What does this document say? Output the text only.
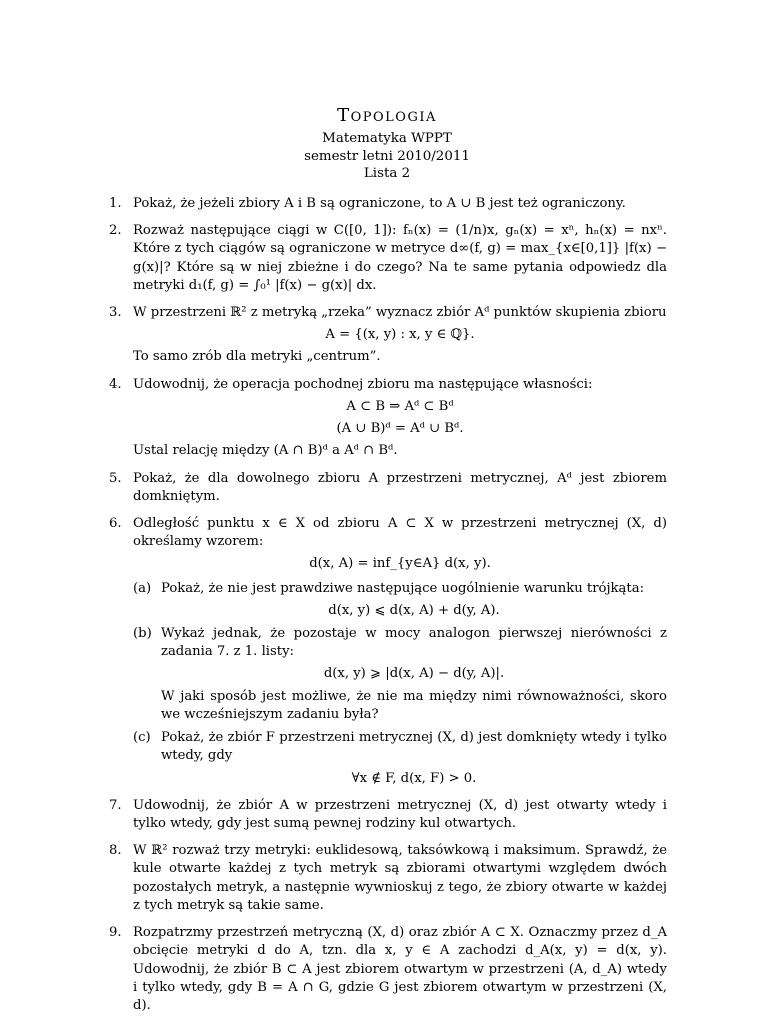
Topologia
Matematyka WPPT
semestr letni 2010/2011
Lista 2
1. Pokaż, że jeżeli zbiory A i B są ograniczone, to A ∪ B jest też ograniczony.
2. Rozważ następujące ciągi w C([0, 1]): fₙ(x) = (1/n)x, gₙ(x) = xⁿ, hₙ(x) = nxⁿ. Które z tych ciągów są ograniczone w metryce d∞(f, g) = max_{x∈[0,1]} |f(x) − g(x)|? Które są w niej zbieżne i do czego? Na te same pytania odpowiedz dla metryki d₁(f, g) = ∫₀¹ |f(x) − g(x)| dx.
3. W przestrzeni ℝ² z metryką „rzeka” wyznacz zbiór Aᵈ punktów skupienia zbioru
A = {(x, y) : x, y ∈ ℚ}.
To samo zrób dla metryki „centrum”.
4. Udowodnij, że operacja pochodnej zbioru ma następujące własności:
A ⊂ B ⇒ Aᵈ ⊂ Bᵈ
(A ∪ B)ᵈ = Aᵈ ∪ Bᵈ.
Ustal relację między (A ∩ B)ᵈ a Aᵈ ∩ Bᵈ.
5. Pokaż, że dla dowolnego zbioru A przestrzeni metrycznej, Aᵈ jest zbiorem domkniętym.
6. Odległość punktu x ∈ X od zbioru A ⊂ X w przestrzeni metrycznej (X, d) określamy wzorem:
d(x, A) = inf_{y∈A} d(x, y).
(a) Pokaż, że nie jest prawdziwe następujące uogólnienie warunku trójkąta:
d(x, y) ⩽ d(x, A) + d(y, A).
(b) Wykaż jednak, że pozostaje w mocy analogon pierwszej nierówności z zadania 7. z 1. listy:
d(x, y) ⩾ |d(x, A) − d(y, A)|.
W jaki sposób jest możliwe, że nie ma między nimi równoważności, skoro we wcześniejszym zadaniu była?
(c) Pokaż, że zbiór F przestrzeni metrycznej (X, d) jest domknięty wtedy i tylko wtedy, gdy
∀x ∉ F, d(x, F) > 0.
7. Udowodnij, że zbiór A w przestrzeni metrycznej (X, d) jest otwarty wtedy i tylko wtedy, gdy jest sumą pewnej rodziny kul otwartych.
8. W ℝ² rozważ trzy metryki: euklidesową, taksówkową i maksimum. Sprawdź, że kule otwarte każdej z tych metryk są zbiorami otwartymi względem dwóch pozostałych metryk, a następnie wywnioskuj z tego, że zbiory otwarte w każdej z tych metryk są takie same.
9. Rozpatrzmy przestrzeń metryczną (X, d) oraz zbiór A ⊂ X. Oznaczmy przez d_A obcięcie metryki d do A, tzn. dla x, y ∈ A zachodzi d_A(x, y) = d(x, y). Udowodnij, że zbiór B ⊂ A jest zbiorem otwartym w przestrzeni (A, d_A) wtedy i tylko wtedy, gdy B = A ∩ G, gdzie G jest zbiorem otwartym w przestrzeni (X, d).
